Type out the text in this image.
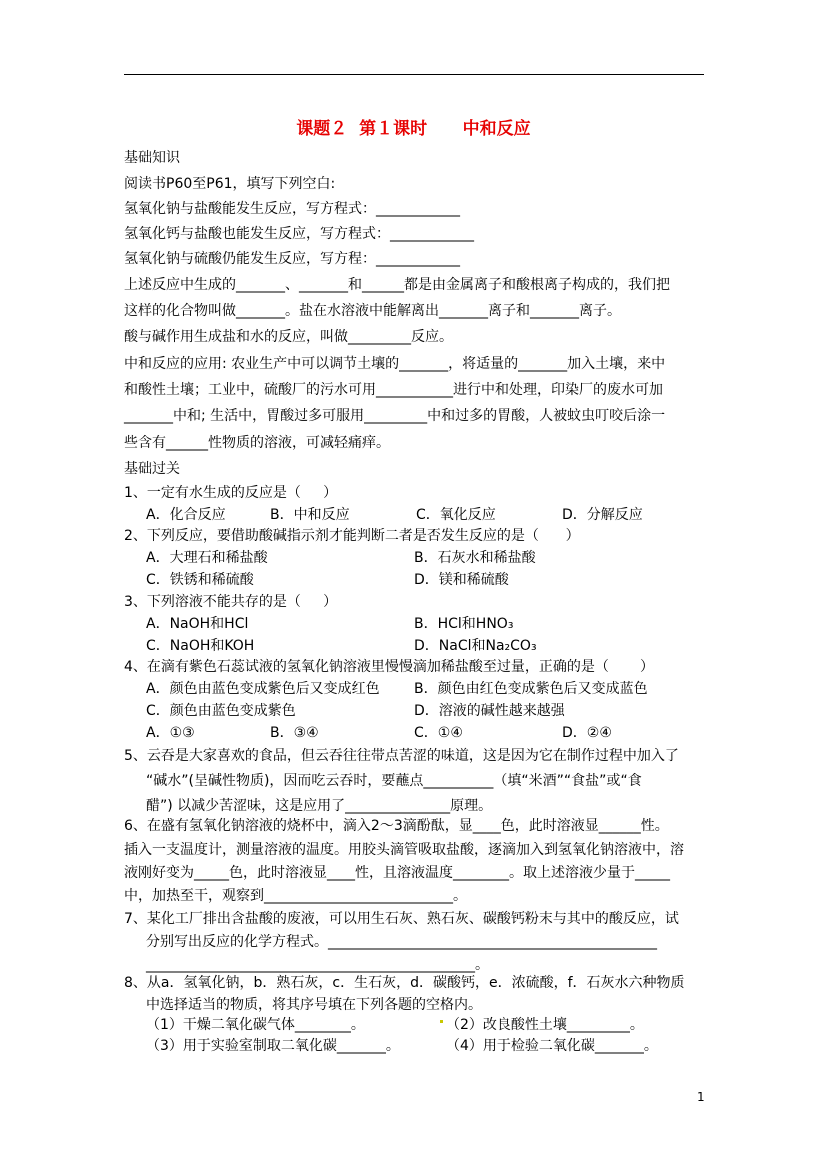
课题２  第１课时      中和反应
基础知识
阅读书P60至P61，填写下列空白:
氢氧化钠与盐酸能发生反应，写方程式：____________
氢氧化钙与盐酸也能发生反应，写方程式：____________
氢氧化钠与硫酸仍能发生反应，写方程：____________
上述反应中生成的_______、_______和______都是由金属离子和酸根离子构成的，我们把
这样的化合物叫做_______。盐在水溶液中能解离出_______离子和_______离子。
酸与碱作用生成盐和水的反应，叫做_________反应。
中和反应的应用: 农业生产中可以调节土壤的_______，将适量的_______加入土壤，来中
和酸性土壤；工业中，硫酸厂的污水可用___________进行中和处理，印染厂的废水可加
_______中和; 生活中，胃酸过多可服用_________中和过多的胃酸，人被蚊虫叮咬后涂一
些含有______性物质的溶液，可减轻痛痒。
基础过关
1、一定有水生成的反应是（     ）
A．化合反应	B．中和反应	C．氧化反应	D．分解反应
2、下列反应，要借助酸碱指示剂才能判断二者是否发生反应的是（      ）
A．大理石和稀盐酸	B．石灰水和稀盐酸
C．铁锈和稀硫酸	D．镁和稀硫酸
3、下列溶液不能共存的是（     ）
A．NaOH和HCl	B．HCl和HNO₃
C．NaOH和KOH	D．NaCl和Na₂CO₃
4、在滴有紫色石蕊试液的氢氧化钠溶液里慢慢滴加稀盐酸至过量，正确的是（       ）
A．颜色由蓝色变成紫色后又变成红色 B．颜色由红色变成紫色后又变成蓝色
C．颜色由蓝色变成紫色	D．溶液的碱性越来越强
A．①③	B．③④	C．①④	D．②④
5、云吞是大家喜欢的食品，但云吞往往带点苦涩的味道，这是因为它在制作过程中加入了
“碱水”(呈碱性物质)，因而吃云吞时，要蘸点__________（填“米酒”“食盐”或“食
醋”) 以减少苦涩味，这是应用了_______________原理。
6、在盛有氢氧化钠溶液的烧杯中，滴入2～3滴酚酞，显____色，此时溶液显______性。
插入一支温度计，测量溶液的温度。用胶头滴管吸取盐酸，逐滴加入到氢氧化钠溶液中，溶
液刚好变为_____色，此时溶液显____性，且溶液温度________。取上述溶液少量于_____
中，加热至干，观察到___________________________。
7、某化工厂排出含盐酸的废液，可以用生石灰、熟石灰、碳酸钙粉末与其中的酸反应，试
分别写出反应的化学方程式。_______________________________________________
_______________________________________________。
8、从a．氢氧化钠，b．熟石灰，c．生石灰，d．碳酸钙，e．浓硫酸，f．石灰水六种物质
中选择适当的物质，将其序号填在下列各题的空格内。
（1）干燥二氧化碳气体________。	（2）改良酸性土壤_________。
（3）用于实验室制取二氧化碳_______。	（4）用于检验二氧化碳_______。
1
